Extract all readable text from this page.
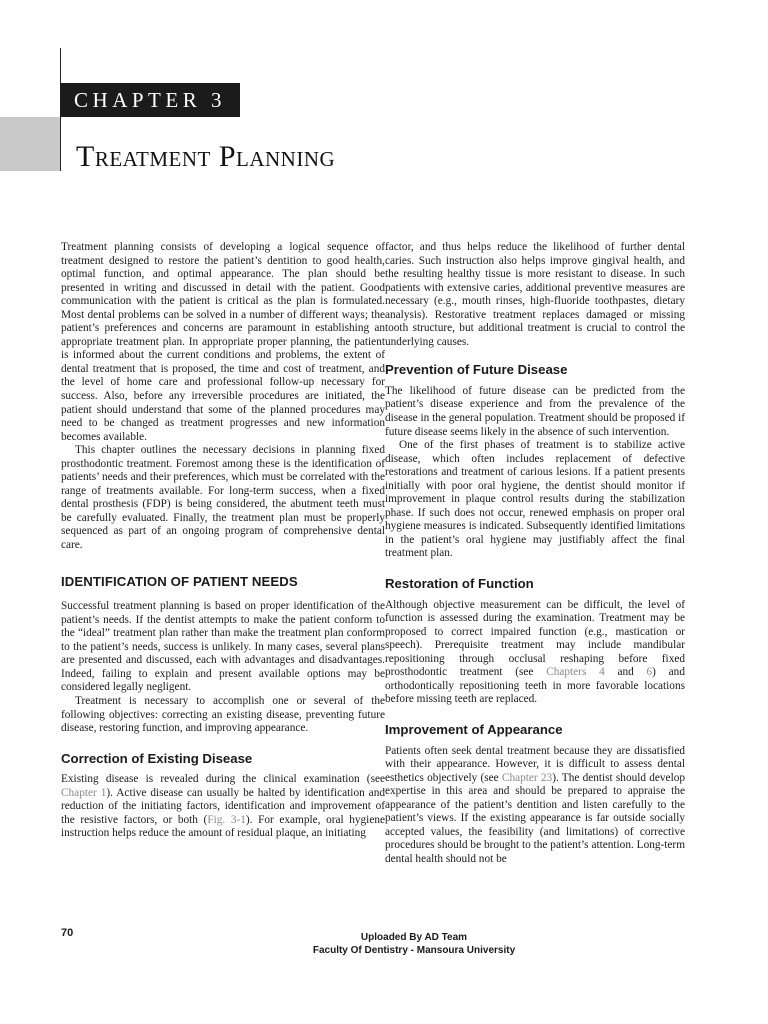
CHAPTER 3
Treatment Planning

Treatment planning consists of developing a logical sequence of treatment designed to restore the patient’s dentition to good health, optimal function, and optimal appearance. The plan should be presented in writing and discussed in detail with the patient. Good communication with the patient is critical as the plan is formulated. Most dental problems can be solved in a number of different ways; the patient’s preferences and concerns are paramount in establishing an appropriate treatment plan. In appropriate proper planning, the patient is informed about the current conditions and problems, the extent of dental treatment that is proposed, the time and cost of treatment, and the level of home care and professional follow-up necessary for success. Also, before any irreversible procedures are initiated, the patient should understand that some of the planned procedures may need to be changed as treatment progresses and new information becomes available.

This chapter outlines the necessary decisions in planning fixed prosthodontic treatment. Foremost among these is the identification of patients’ needs and their preferences, which must be correlated with the range of treatments available. For long-term success, when a fixed dental prosthesis (FDP) is being considered, the abutment teeth must be carefully evaluated. Finally, the treatment plan must be properly sequenced as part of an ongoing program of comprehensive dental care.

IDENTIFICATION OF PATIENT NEEDS

Successful treatment planning is based on proper identification of the patient’s needs. If the dentist attempts to make the patient conform to the “ideal” treatment plan rather than make the treatment plan conform to the patient’s needs, success is unlikely. In many cases, several plans are presented and discussed, each with advantages and disadvantages. Indeed, failing to explain and present available options may be considered legally negligent.

Treatment is necessary to accomplish one or several of the following objectives: correcting an existing disease, preventing future disease, restoring function, and improving appearance.

Correction of Existing Disease

Existing disease is revealed during the clinical examination (see Chapter 1). Active disease can usually be halted by identification and reduction of the initiating factors, identification and improvement of the resistive factors, or both (Fig. 3-1). For example, oral hygiene instruction helps reduce the amount of residual plaque, an initiating

factor, and thus helps reduce the likelihood of further dental caries. Such instruction also helps improve gingival health, and the resulting healthy tissue is more resistant to disease. In such patients with extensive caries, additional preventive measures are necessary (e.g., mouth rinses, high-fluoride toothpastes, dietary analysis). Restorative treatment replaces damaged or missing tooth structure, but additional treatment is crucial to control the underlying causes.

Prevention of Future Disease

The likelihood of future disease can be predicted from the patient’s disease experience and from the prevalence of the disease in the general population. Treatment should be proposed if future disease seems likely in the absence of such intervention.

One of the first phases of treatment is to stabilize active disease, which often includes replacement of defective restorations and treatment of carious lesions. If a patient presents initially with poor oral hygiene, the dentist should monitor if improvement in plaque control results during the stabilization phase. If such does not occur, renewed emphasis on proper oral hygiene measures is indicated. Subsequently identified limitations in the patient’s oral hygiene may justifiably affect the final treatment plan.

Restoration of Function

Although objective measurement can be difficult, the level of function is assessed during the examination. Treatment may be proposed to correct impaired function (e.g., mastication or speech). Prerequisite treatment may include mandibular repositioning through occlusal reshaping before fixed prosthodontic treatment (see Chapters 4 and 6) and orthodontically repositioning teeth in more favorable locations before missing teeth are replaced.

Improvement of Appearance

Patients often seek dental treatment because they are dissatisfied with their appearance. However, it is difficult to assess dental esthetics objectively (see Chapter 23). The dentist should develop expertise in this area and should be prepared to appraise the appearance of the patient’s dentition and listen carefully to the patient’s views. If the existing appearance is far outside socially accepted values, the feasibility (and limitations) of corrective procedures should be brought to the patient’s attention. Long-term dental health should not be

70	Uploaded By AD Team
Faculty Of Dentistry - Mansoura University
